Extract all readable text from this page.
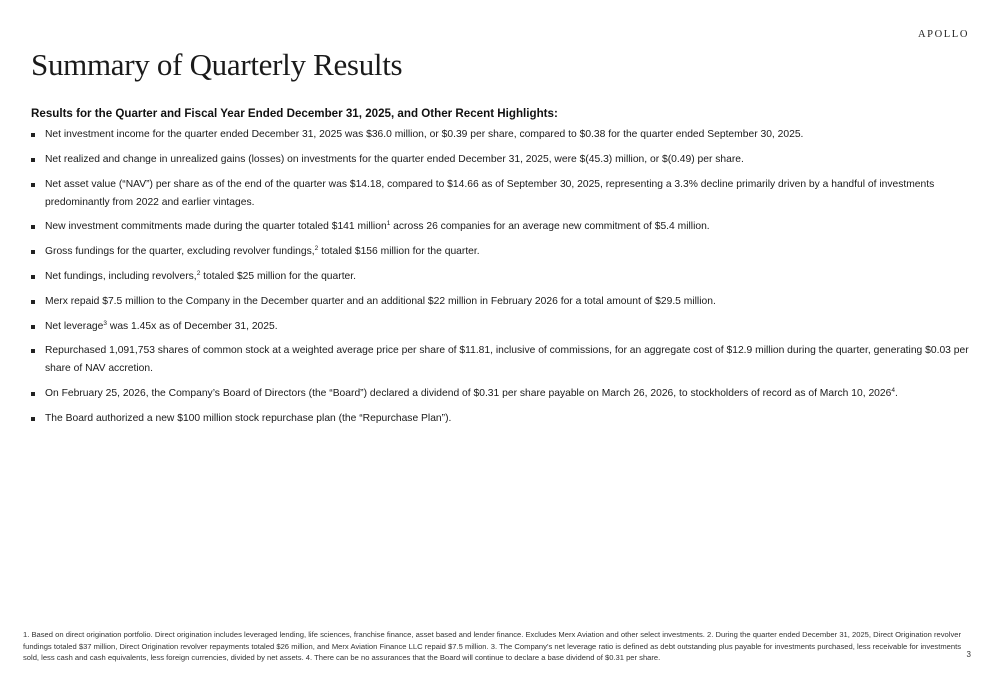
APOLLO
Summary of Quarterly Results
Results for the Quarter and Fiscal Year Ended December 31, 2025, and Other Recent Highlights:
Net investment income for the quarter ended December 31, 2025 was $36.0 million, or $0.39 per share, compared to $0.38 for the quarter ended September 30, 2025.
Net realized and change in unrealized gains (losses) on investments for the quarter ended December 31, 2025, were $(45.3) million, or $(0.49) per share.
Net asset value (“NAV”) per share as of the end of the quarter was $14.18, compared to $14.66 as of September 30, 2025, representing a 3.3% decline primarily driven by a handful of investments predominantly from 2022 and earlier vintages.
New investment commitments made during the quarter totaled $141 million$^1$ across 26 companies for an average new commitment of $5.4 million.
Gross fundings for the quarter, excluding revolver fundings,$^2$ totaled $156 million for the quarter.
Net fundings, including revolvers,$^2$ totaled $25 million for the quarter.
Merx repaid $7.5 million to the Company in the December quarter and an additional $22 million in February 2026 for a total amount of $29.5 million.
Net leverage$^3$ was 1.45x as of December 31, 2025.
Repurchased 1,091,753 shares of common stock at a weighted average price per share of $11.81, inclusive of commissions, for an aggregate cost of $12.9 million during the quarter, generating $0.03 per share of NAV accretion.
On February 25, 2026, the Company’s Board of Directors (the “Board”) declared a dividend of $0.31 per share payable on March 26, 2026, to stockholders of record as of March 10, 2026$^4$.
The Board authorized a new $100 million stock repurchase plan (the “Repurchase Plan”).

1. Based on direct origination portfolio. Direct origination includes leveraged lending, life sciences, franchise finance, asset based and lender finance. Excludes Merx Aviation and other select investments. 2. During the quarter ended December 31, 2025, Direct Origination revolver fundings totaled $37 million, Direct Origination revolver repayments totaled $26 million, and Merx Aviation Finance LLC repaid $7.5 million. 3. The Company’s net leverage ratio is defined as debt outstanding plus payable for investments purchased, less receivable for investments sold, less cash and cash equivalents, less foreign currencies, divided by net assets. 4. There can be no assurances that the Board will continue to declare a base dividend of $0.31 per share.	3
